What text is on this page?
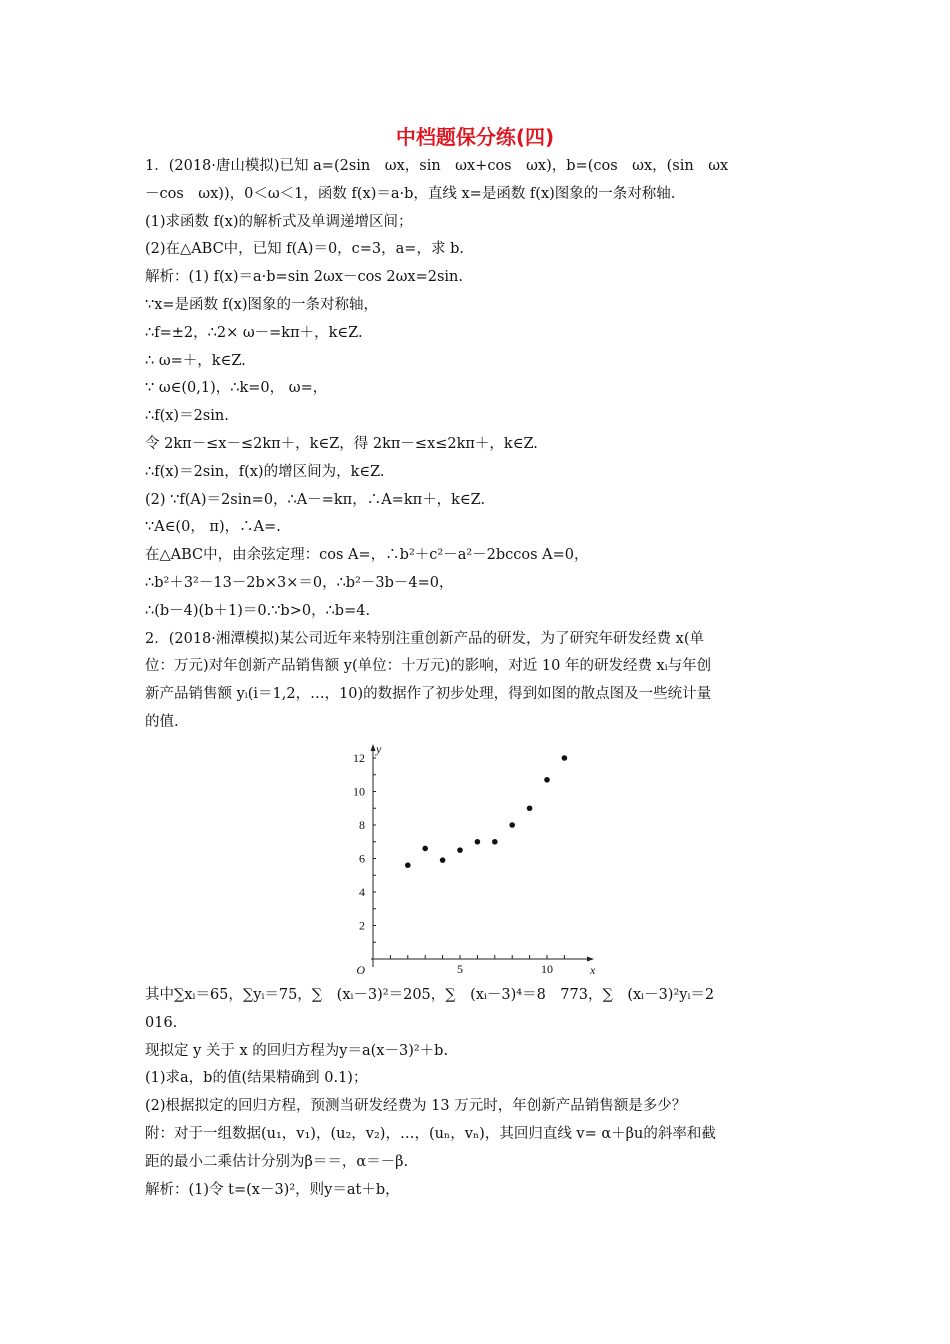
中档题保分练(四)
1．(2018·唐山模拟)已知 a=(2sin　ωx，sin　ωx+cos　ωx)，b=(cos　ωx，(sin　ωx
－cos　ωx))，0＜ω＜1，函数 f(x)＝a·b，直线 x=是函数 f(x)图象的一条对称轴.
(1)求函数 f(x)的解析式及单调递增区间；
(2)在△ABC中，已知 f(A)＝0，c=3，a=，求 b.
解析：(1) f(x)＝a·b=sin 2ωx－cos 2ωx=2sin.
∵x=是函数 f(x)图象的一条对称轴，
∴f=±2，∴2× ω－=kπ＋，k∈Z.
∴ ω=＋，k∈Z.
∵ ω∈(0,1)，∴k=0， ω=，
∴f(x)＝2sin.
令 2kπ－≤x－≤2kπ＋，k∈Z，得 2kπ－≤x≤2kπ＋，k∈Z.
∴f(x)＝2sin，f(x)的增区间为，k∈Z.
(2) ∵f(A)＝2sin=0，∴A－=kπ，∴A=kπ＋，k∈Z.
∵A∈(0， π)，∴A=.
在△ABC中，由余弦定理：cos A=，∴b²＋c²－a²－2bccos A=0，
∴b²＋3²－13－2b×3×＝0，∴b²－3b－4=0，
∴(b－4)(b＋1)＝0.∵b>0，∴b=4.
2．(2018·湘潭模拟)某公司近年来特别注重创新产品的研发，为了研究年研发经费 x(单
位：万元)对年创新产品销售额 y(单位：十万元)的影响，对近 10 年的研发经费 xᵢ与年创
新产品销售额 yᵢ(i＝1,2，…，10)的数据作了初步处理，得到如图的散点图及一些统计量
的值.
5	10
2
4
6
8
10
12
O	x
y
其中∑xᵢ＝65，∑yᵢ＝75，∑　(xᵢ－3)²＝205，∑　(xᵢ－3)⁴＝8　773，∑　(xᵢ－3)²yᵢ＝2
016.
现拟定 y 关于 x 的回归方程为y＝a(x－3)²＋b.
(1)求a，b的值(结果精确到 0.1)；
(2)根据拟定的回归方程，预测当研发经费为 13 万元时，年创新产品销售额是多少？
附：对于一组数据(u₁，v₁)，(u₂，v₂)，…，(uₙ，vₙ)，其回归直线 v= α＋βu的斜率和截
距的最小二乘估计分别为β＝＝，α＝－β.
解析：(1)令 t=(x－3)²，则y＝at＋b，
